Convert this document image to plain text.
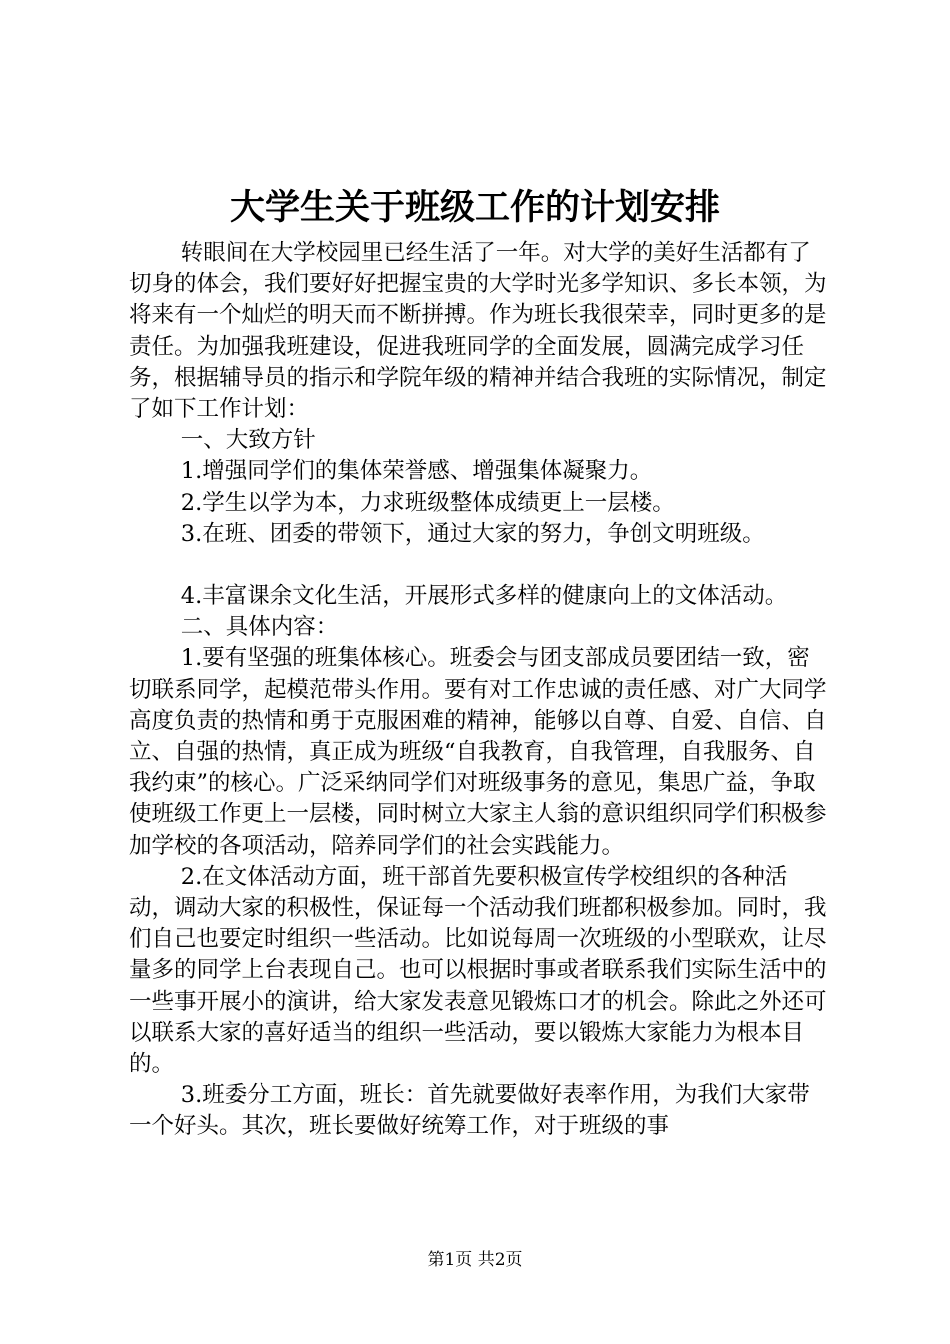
大学生关于班级工作的计划安排

转眼间在大学校园里已经生活了一年。对大学的美好生活都有了切身的体会，我们要好好把握宝贵的大学时光多学知识、多长本领，为将来有一个灿烂的明天而不断拼搏。作为班长我很荣幸，同时更多的是责任。为加强我班建设，促进我班同学的全面发展，圆满完成学习任务，根据辅导员的指示和学院年级的精神并结合我班的实际情况，制定了如下工作计划：

一、大致方针

1.增强同学们的集体荣誉感、增强集体凝聚力。

2.学生以学为本，力求班级整体成绩更上一层楼。

3.在班、团委的带领下，通过大家的努力，争创文明班级。

4.丰富课余文化生活，开展形式多样的健康向上的文体活动。

二、具体内容：

1.要有坚强的班集体核心。班委会与团支部成员要团结一致，密切联系同学，起模范带头作用。要有对工作忠诚的责任感、对广大同学高度负责的热情和勇于克服困难的精神，能够以自尊、自爱、自信、自立、自强的热情，真正成为班级“自我教育，自我管理，自我服务、自我约束”的核心。广泛采纳同学们对班级事务的意见，集思广益，争取使班级工作更上一层楼，同时树立大家主人翁的意识组织同学们积极参加学校的各项活动，陪养同学们的社会实践能力。

2.在文体活动方面，班干部首先要积极宣传学校组织的各种活动，调动大家的积极性，保证每一个活动我们班都积极参加。同时，我们自己也要定时组织一些活动。比如说每周一次班级的小型联欢，让尽量多的同学上台表现自己。也可以根据时事或者联系我们实际生活中的一些事开展小的演讲，给大家发表意见锻炼口才的机会。除此之外还可以联系大家的喜好适当的组织一些活动，要以锻炼大家能力为根本目的。

3.班委分工方面，班长：首先就要做好表率作用，为我们大家带一个好头。其次，班长要做好统筹工作，对于班级的事

第1页 共2页
